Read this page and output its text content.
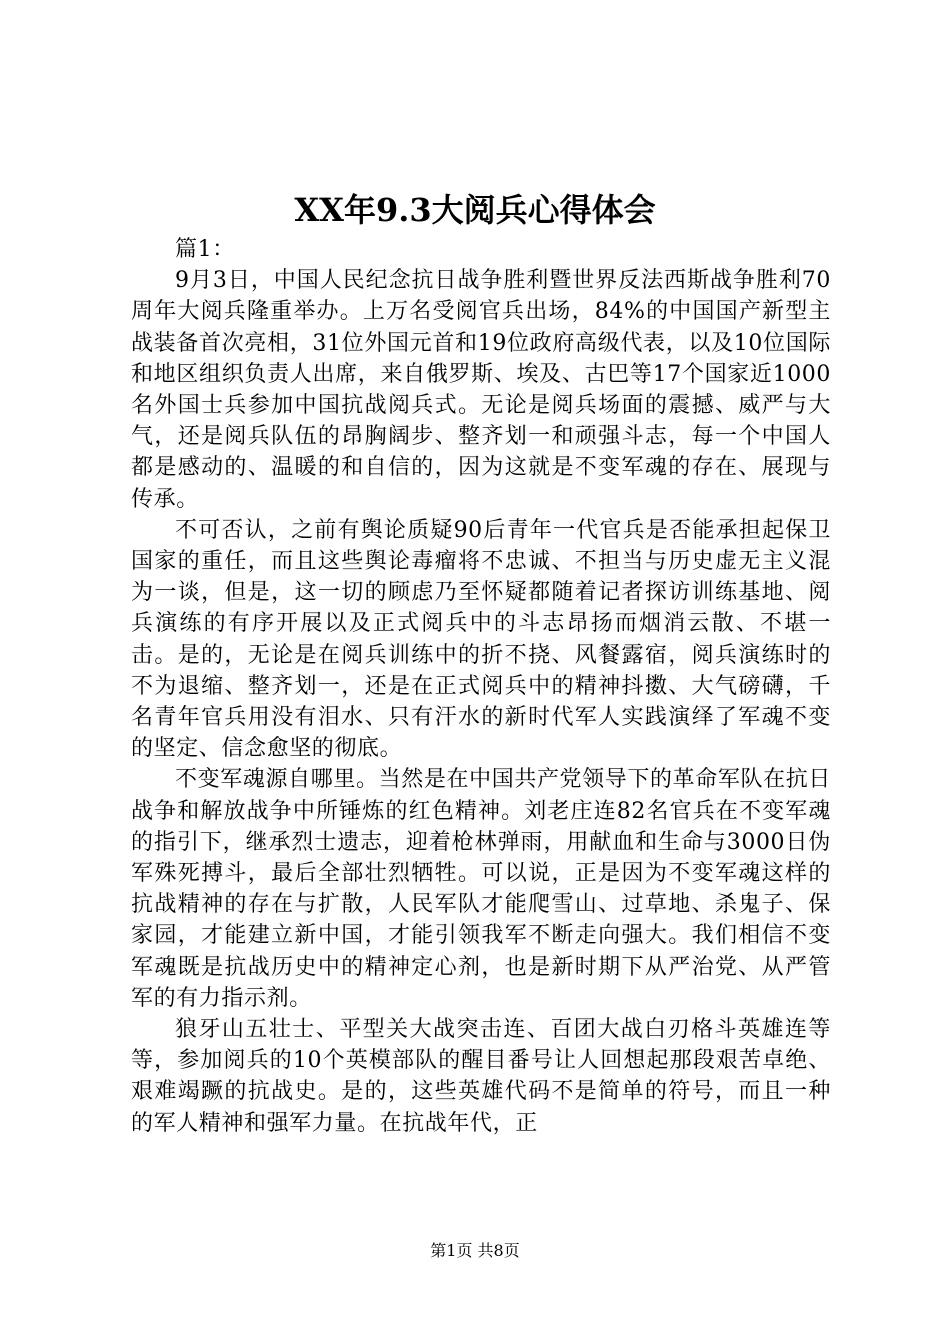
XX年9.3大阅兵心得体会

篇1：

9月3日，中国人民纪念抗日战争胜利暨世界反法西斯战争胜利70周年大阅兵隆重举办。上万名受阅官兵出场，84%的中国国产新型主战装备首次亮相，31位外国元首和19位政府高级代表，以及10位国际和地区组织负责人出席，来自俄罗斯、埃及、古巴等17个国家近1000名外国士兵参加中国抗战阅兵式。无论是阅兵场面的震撼、威严与大气，还是阅兵队伍的昂胸阔步、整齐划一和顽强斗志，每一个中国人都是感动的、温暖的和自信的，因为这就是不变军魂的存在、展现与传承。

不可否认，之前有舆论质疑90后青年一代官兵是否能承担起保卫国家的重任，而且这些舆论毒瘤将不忠诚、不担当与历史虚无主义混为一谈，但是，这一切的顾虑乃至怀疑都随着记者探访训练基地、阅兵演练的有序开展以及正式阅兵中的斗志昂扬而烟消云散、不堪一击。是的，无论是在阅兵训练中的折不挠、风餐露宿，阅兵演练时的不为退缩、整齐划一，还是在正式阅兵中的精神抖擞、大气磅礴，千名青年官兵用没有泪水、只有汗水的新时代军人实践演绎了军魂不变的坚定、信念愈坚的彻底。

不变军魂源自哪里。当然是在中国共产党领导下的革命军队在抗日战争和解放战争中所锤炼的红色精神。刘老庄连82名官兵在不变军魂的指引下，继承烈士遗志，迎着枪林弹雨，用献血和生命与3000日伪军殊死搏斗，最后全部壮烈牺牲。可以说，正是因为不变军魂这样的抗战精神的存在与扩散，人民军队才能爬雪山、过草地、杀鬼子、保家园，才能建立新中国，才能引领我军不断走向强大。我们相信不变军魂既是抗战历史中的精神定心剂，也是新时期下从严治党、从严管军的有力指示剂。

狼牙山五壮士、平型关大战突击连、百团大战白刃格斗英雄连等等，参加阅兵的10个英模部队的醒目番号让人回想起那段艰苦卓绝、艰难竭蹶的抗战史。是的，这些英雄代码不是简单的符号，而且一种的军人精神和强军力量。在抗战年代，正

第1页 共8页
